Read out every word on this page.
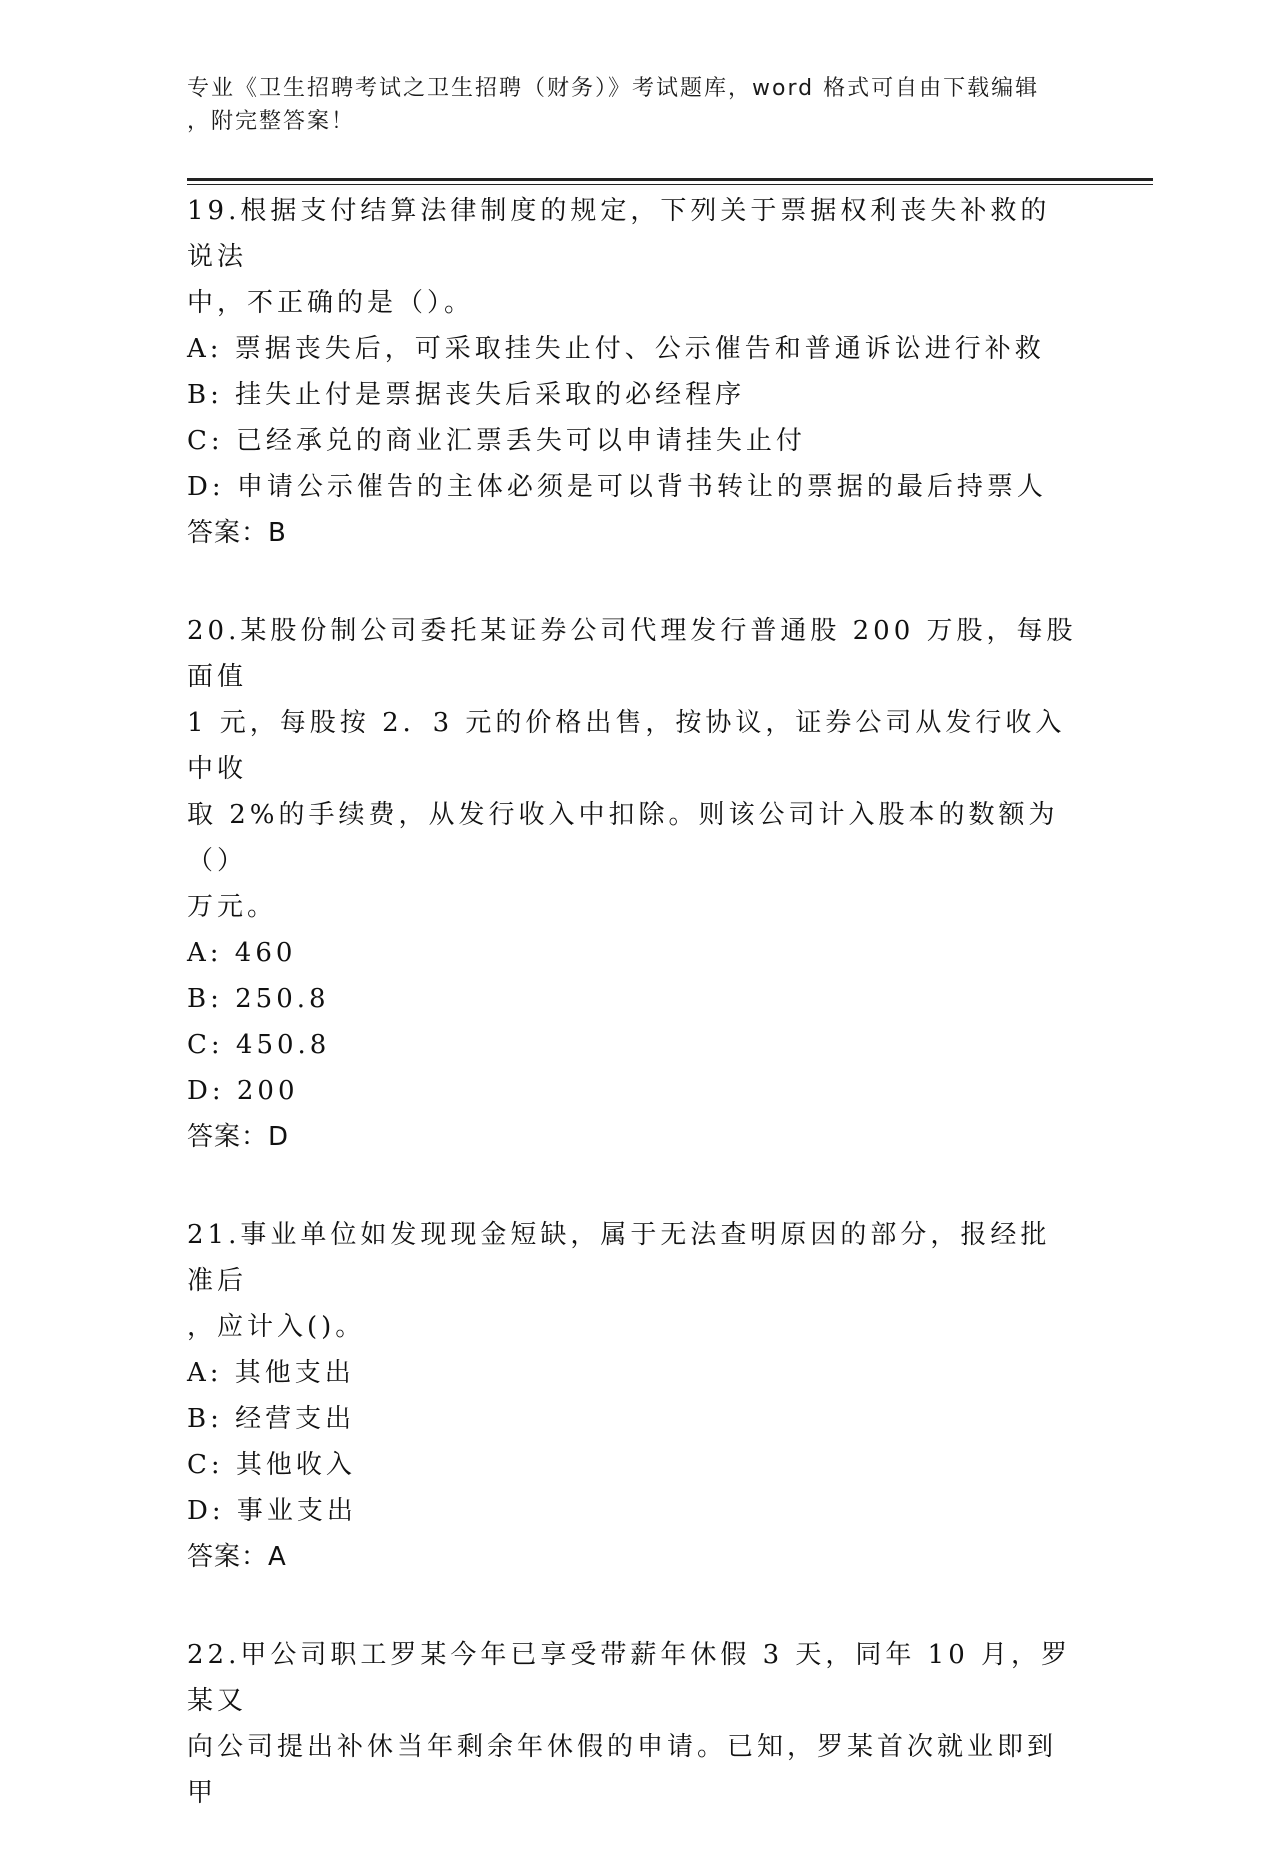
专业《卫生招聘考试之卫生招聘（财务）》考试题库，word 格式可自由下载编辑
，附完整答案！
19.根据支付结算法律制度的规定，下列关于票据权利丧失补救的说法
中，不正确的是（）。
A: 票据丧失后，可采取挂失止付、公示催告和普通诉讼进行补救
B: 挂失止付是票据丧失后采取的必经程序
C: 已经承兑的商业汇票丢失可以申请挂失止付
D: 申请公示催告的主体必须是可以背书转让的票据的最后持票人
答案：B
20.某股份制公司委托某证券公司代理发行普通股 200 万股，每股面值
1 元，每股按 2．3 元的价格出售，按协议，证券公司从发行收入中收
取 2%的手续费，从发行收入中扣除。则该公司计入股本的数额为（）
万元。
A: 460
B: 250.8
C: 450.8
D: 200
答案：D
21.事业单位如发现现金短缺，属于无法查明原因的部分，报经批准后
，应计入()。
A: 其他支出
B: 经营支出
C: 其他收入
D: 事业支出
答案：A
22.甲公司职工罗某今年已享受带薪年休假 3 天，同年 10 月，罗某又
向公司提出补休当年剩余年休假的申请。已知，罗某首次就业即到甲
